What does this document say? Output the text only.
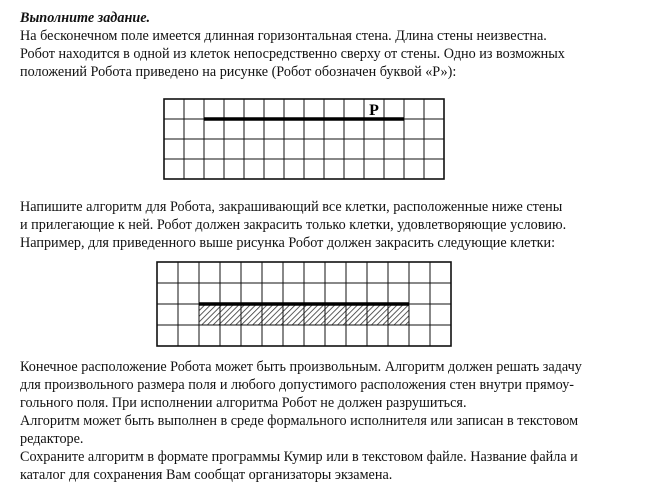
Выполните задание.
На бесконечном поле имеется длинная горизонтальная стена. Длина стены неизвестна.
Робот находится в одной из клеток непосредственно сверху от стены. Одно из возможных
положений Робота приведено на рисунке (Робот обозначен буквой «Р»):
Р
Напишите алгоритм для Робота, закрашивающий все клетки, расположенные ниже стены
и прилегающие к ней. Робот должен закрасить только клетки, удовлетворяющие условию.
Например, для приведенного выше рисунка Робот должен закрасить следующие клетки:
Конечное расположение Робота может быть произвольным. Алгоритм должен решать задачу
для произвольного размера поля и любого допустимого расположения стен внутри прямоу-
гольного поля. При исполнении алгоритма Робот не должен разрушиться.
Алгоритм может быть выполнен в среде формального исполнителя или записан в текстовом
редакторе.
Сохраните алгоритм в формате программы Кумир или в текстовом файле. Название файла и
каталог для сохранения Вам сообщат организаторы экзамена.
